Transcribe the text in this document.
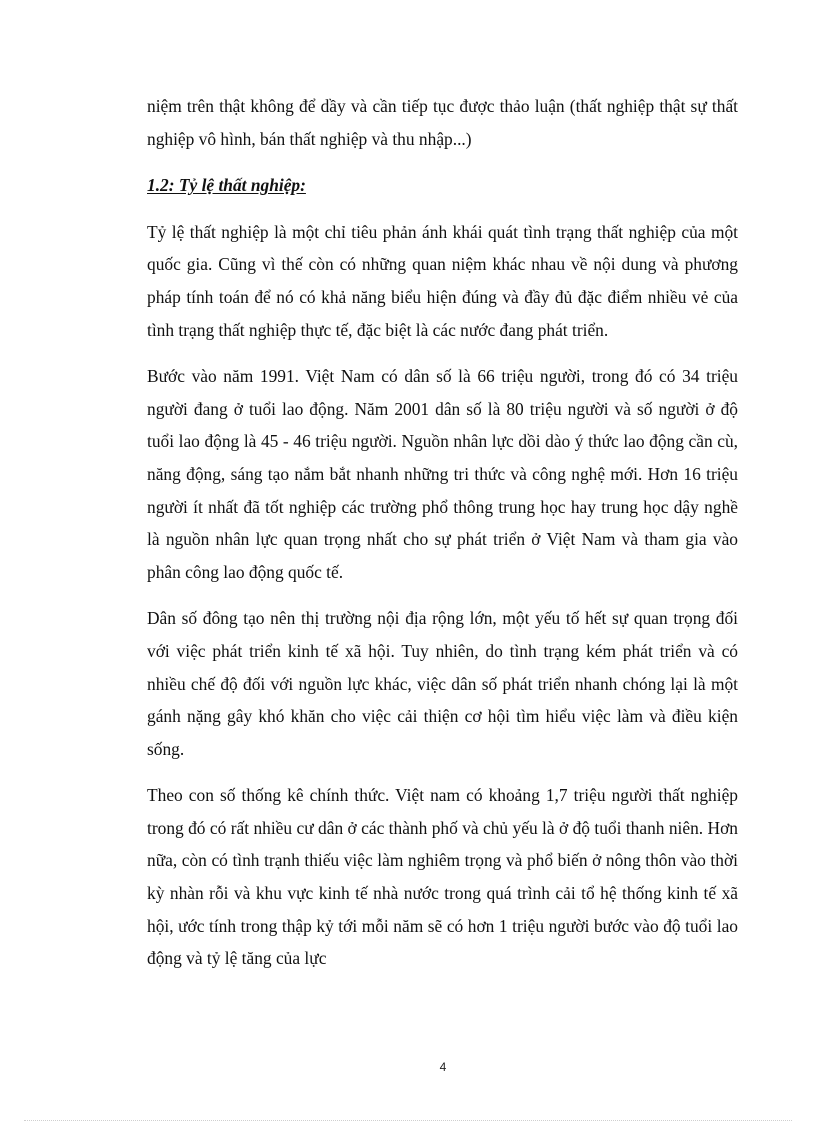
niệm trên thật không để dầy và cần tiếp tục được thảo luận (thất nghiệp thật sự thất nghiệp vô hình, bán thất nghiệp và thu nhập...)

1.2: Tỷ lệ thất nghiệp:

Tỷ lệ thất nghiệp là một chỉ tiêu phản ánh khái quát tình trạng thất nghiệp của một quốc gia. Cũng vì thế còn có những quan niệm khác nhau về nội dung và phương pháp tính toán để nó có khả năng biểu hiện đúng và đầy đủ đặc điểm nhiều vẻ của tình trạng thất nghiệp thực tế, đặc biệt là các nước đang phát triển.

Bước vào năm 1991. Việt Nam có dân số là 66 triệu người, trong đó có 34 triệu người đang ở tuổi lao động. Năm 2001 dân số là 80 triệu người và số người ở độ tuổi lao động là 45 - 46 triệu người. Nguồn nhân lực dồi dào ý thức lao động cần cù, năng động, sáng tạo nắm bắt nhanh những tri thức và công nghệ mới. Hơn 16 triệu người ít nhất đã tốt nghiệp các trường phổ thông trung học hay trung học dậy nghề là nguồn nhân lực quan trọng nhất cho sự phát triển ở Việt Nam và tham gia vào phân công lao động quốc tế.

Dân số đông tạo nên thị trường nội địa rộng lớn, một yếu tố hết sự quan trọng đối với việc phát triển kinh tế xã hội. Tuy nhiên, do tình trạng kém phát triển và có nhiều chế độ đối với nguồn lực khác, việc dân số phát triển nhanh chóng lại là một gánh nặng gây khó khăn cho việc cải thiện cơ hội tìm hiểu việc làm và điều kiện sống.

Theo con số thống kê chính thức. Việt nam có khoảng 1,7 triệu người thất nghiệp trong đó có rất nhiều cư dân ở các thành phố và chủ yếu là ở độ tuổi thanh niên. Hơn nữa, còn có tình trạnh thiếu việc làm nghiêm trọng và phổ biến ở nông thôn vào thời kỳ nhàn rỗi và khu vực kinh tế nhà nước trong quá trình cải tổ hệ thống kinh tế xã hội, ước tính trong thập kỷ tới mỗi năm sẽ có hơn 1 triệu người bước vào độ tuổi lao động và tỷ lệ tăng của lực

4
